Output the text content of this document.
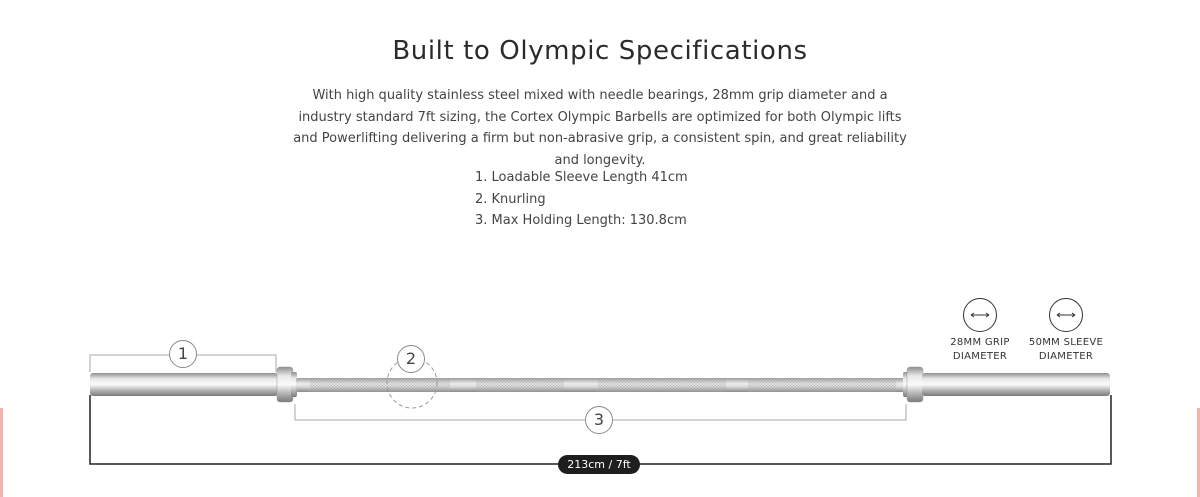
Built to Olympic Specifications

With high quality stainless steel mixed with needle bearings, 28mm grip diameter and a industry standard 7ft sizing, the Cortex Olympic Barbells are optimized for both Olympic lifts and Powerlifting delivering a firm but non-abrasive grip, a consistent spin, and great reliability and longevity.

1. Loadable Sleeve Length 41cm
2. Knurling
3. Max Holding Length: 130.8cm
1	2
3
213cm / 7ft
28MM GRIP
DIAMETER
50MM SLEEVE
DIAMETER
